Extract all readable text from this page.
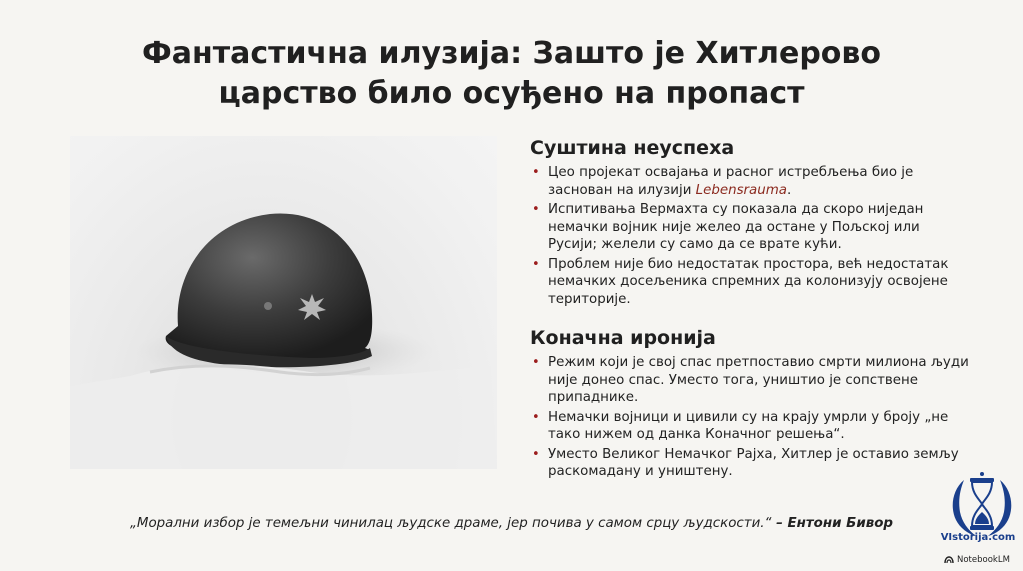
Фантастична илузија: Зашто је Хитлерово
царство било осуђено на пропаст
Суштина неуспеха
• Цео пројекат освајања и расног истребљења био је заснован на илузији Lebensrauma.
• Испитивања Вермахта су показала да скоро ниједан немачки војник није желео да остане у Пољској или Русији; желели су само да се врате кући.
• Проблем није био недостатак простора, већ недостатак немачких досељеника спремних да колонизују освојене територије.
Коначна иронија
• Режим који је свој спас претпоставио смрти милиона људи није донео спас. Уместо тога, уништио је сопствене припаднике.
• Немачки војници и цивили су на крају умрли у броју „не тако нижем од данка Коначног решења“.
• Уместо Великог Немачког Рајха, Хитлер је оставио земљу раскомадану и уништену.

„Морални избор је темељни чинилац људске драме, јер почива у самом срцу људскости.“ – Ентони Бивор

VIstorija.com
NotebookLM
